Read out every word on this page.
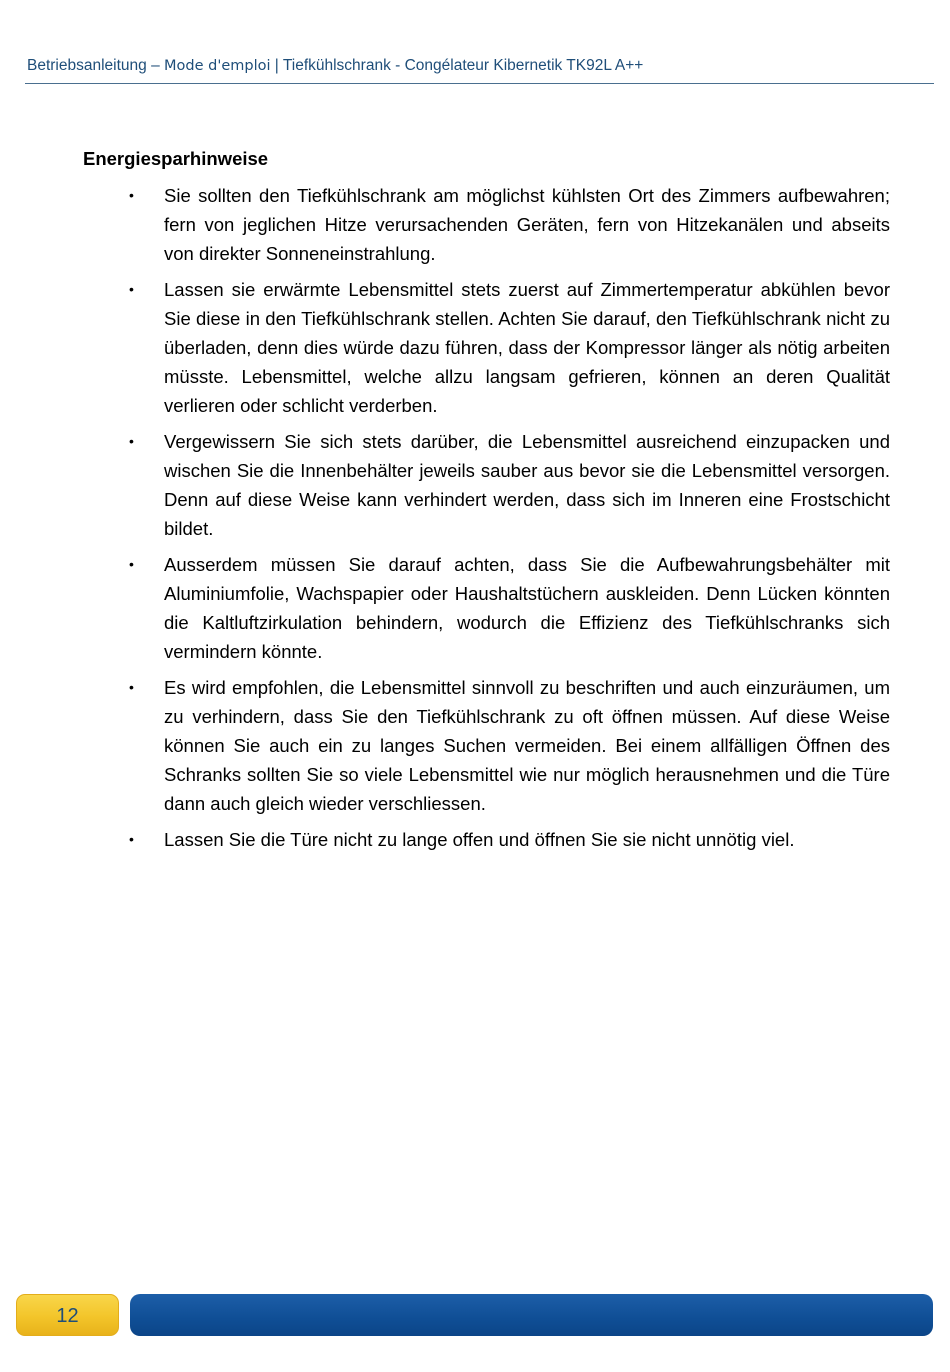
Betriebsanleitung – Mode d'emploi | Tiefkühlschrank - Congélateur Kibernetik TK92L A++
Energiesparhinweise
• Sie sollten den Tiefkühlschrank am möglichst kühlsten Ort des Zimmers aufbewahren; fern von jeglichen Hitze verursachenden Geräten, fern von Hitzekanälen und abseits von direkter Sonneneinstrahlung.
• Lassen sie erwärmte Lebensmittel stets zuerst auf Zimmertemperatur abkühlen bevor Sie diese in den Tiefkühlschrank stellen. Achten Sie darauf, den Tiefkühlschrank nicht zu überladen, denn dies würde dazu führen, dass der Kompressor länger als nötig arbeiten müsste. Lebensmittel, welche allzu langsam gefrieren, können an deren Qualität verlieren oder schlicht verderben.
• Vergewissern Sie sich stets darüber, die Lebensmittel ausreichend einzupacken und wischen Sie die Innenbehälter jeweils sauber aus bevor sie die Lebensmittel versorgen. Denn auf diese Weise kann verhindert werden, dass sich im Inneren eine Frostschicht bildet.
• Ausserdem müssen Sie darauf achten, dass Sie die Aufbewahrungsbehälter mit Aluminiumfolie, Wachspapier oder Haushaltstüchern auskleiden. Denn Lücken könnten die Kaltluftzirkulation behindern, wodurch die Effizienz des Tiefkühlschranks sich vermindern könnte.
• Es wird empfohlen, die Lebensmittel sinnvoll zu beschriften und auch einzuräumen, um zu verhindern, dass Sie den Tiefkühlschrank zu oft öffnen müssen. Auf diese Weise können Sie auch ein zu langes Suchen vermeiden. Bei einem allfälligen Öffnen des Schranks sollten Sie so viele Lebensmittel wie nur möglich herausnehmen und die Türe dann auch gleich wieder verschliessen.
• Lassen Sie die Türe nicht zu lange offen und öffnen Sie sie nicht unnötig viel.
12
